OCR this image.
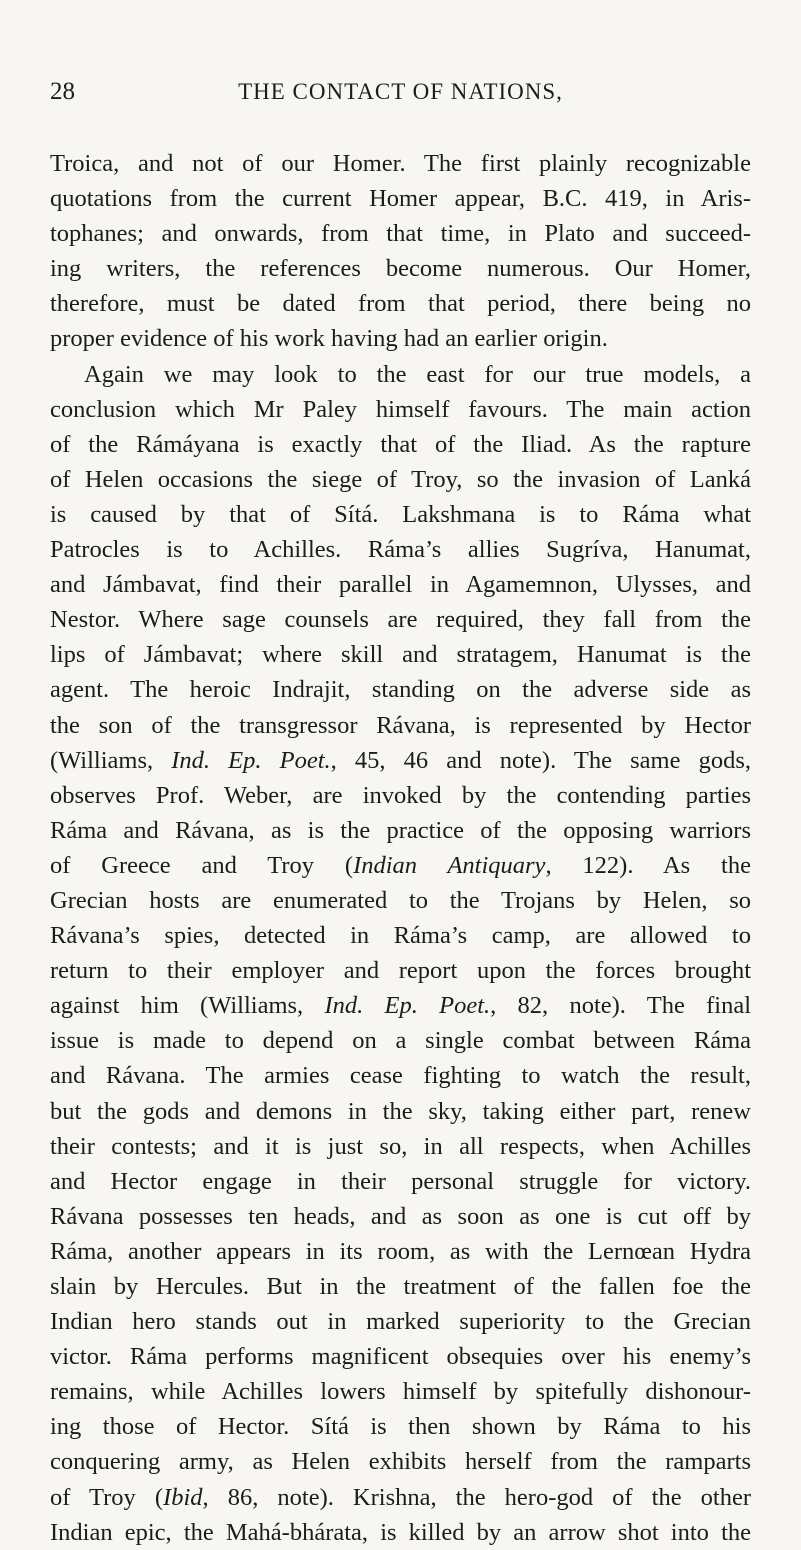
28	THE CONTACT OF NATIONS,
Troica, and not of our Homer. The first plainly recognizable
quotations from the current Homer appear, B.C. 419, in Aris-
tophanes; and onwards, from that time, in Plato and succeed-
ing writers, the references become numerous. Our Homer,
therefore, must be dated from that period, there being no
proper evidence of his work having had an earlier origin.
Again we may look to the east for our true models, a
conclusion which Mr Paley himself favours. The main action
of the Rámáyana is exactly that of the Iliad. As the rapture
of Helen occasions the siege of Troy, so the invasion of Lanká
is caused by that of Sítá. Lakshmana is to Ráma what
Patrocles is to Achilles. Ráma’s allies Sugríva, Hanumat,
and Jámbavat, find their parallel in Agamemnon, Ulysses, and
Nestor. Where sage counsels are required, they fall from the
lips of Jámbavat; where skill and stratagem, Hanumat is the
agent. The heroic Indrajit, standing on the adverse side as
the son of the transgressor Rávana, is represented by Hector
(Williams, Ind. Ep. Poet., 45, 46 and note). The same gods,
observes Prof. Weber, are invoked by the contending parties
Ráma and Rávana, as is the practice of the opposing warriors
of Greece and Troy (Indian Antiquary, 122). As the
Grecian hosts are enumerated to the Trojans by Helen, so
Rávana’s spies, detected in Ráma’s camp, are allowed to
return to their employer and report upon the forces brought
against him (Williams, Ind. Ep. Poet., 82, note). The final
issue is made to depend on a single combat between Ráma
and Rávana. The armies cease fighting to watch the result,
but the gods and demons in the sky, taking either part, renew
their contests; and it is just so, in all respects, when Achilles
and Hector engage in their personal struggle for victory.
Rávana possesses ten heads, and as soon as one is cut off by
Ráma, another appears in its room, as with the Lernœan Hydra
slain by Hercules. But in the treatment of the fallen foe the
Indian hero stands out in marked superiority to the Grecian
victor. Ráma performs magnificent obsequies over his enemy’s
remains, while Achilles lowers himself by spitefully dishonour-
ing those of Hector. Sítá is then shown by Ráma to his
conquering army, as Helen exhibits herself from the ramparts
of Troy (Ibid, 86, note). Krishna, the hero-god of the other
Indian epic, the Mahá-bhárata, is killed by an arrow shot into the
